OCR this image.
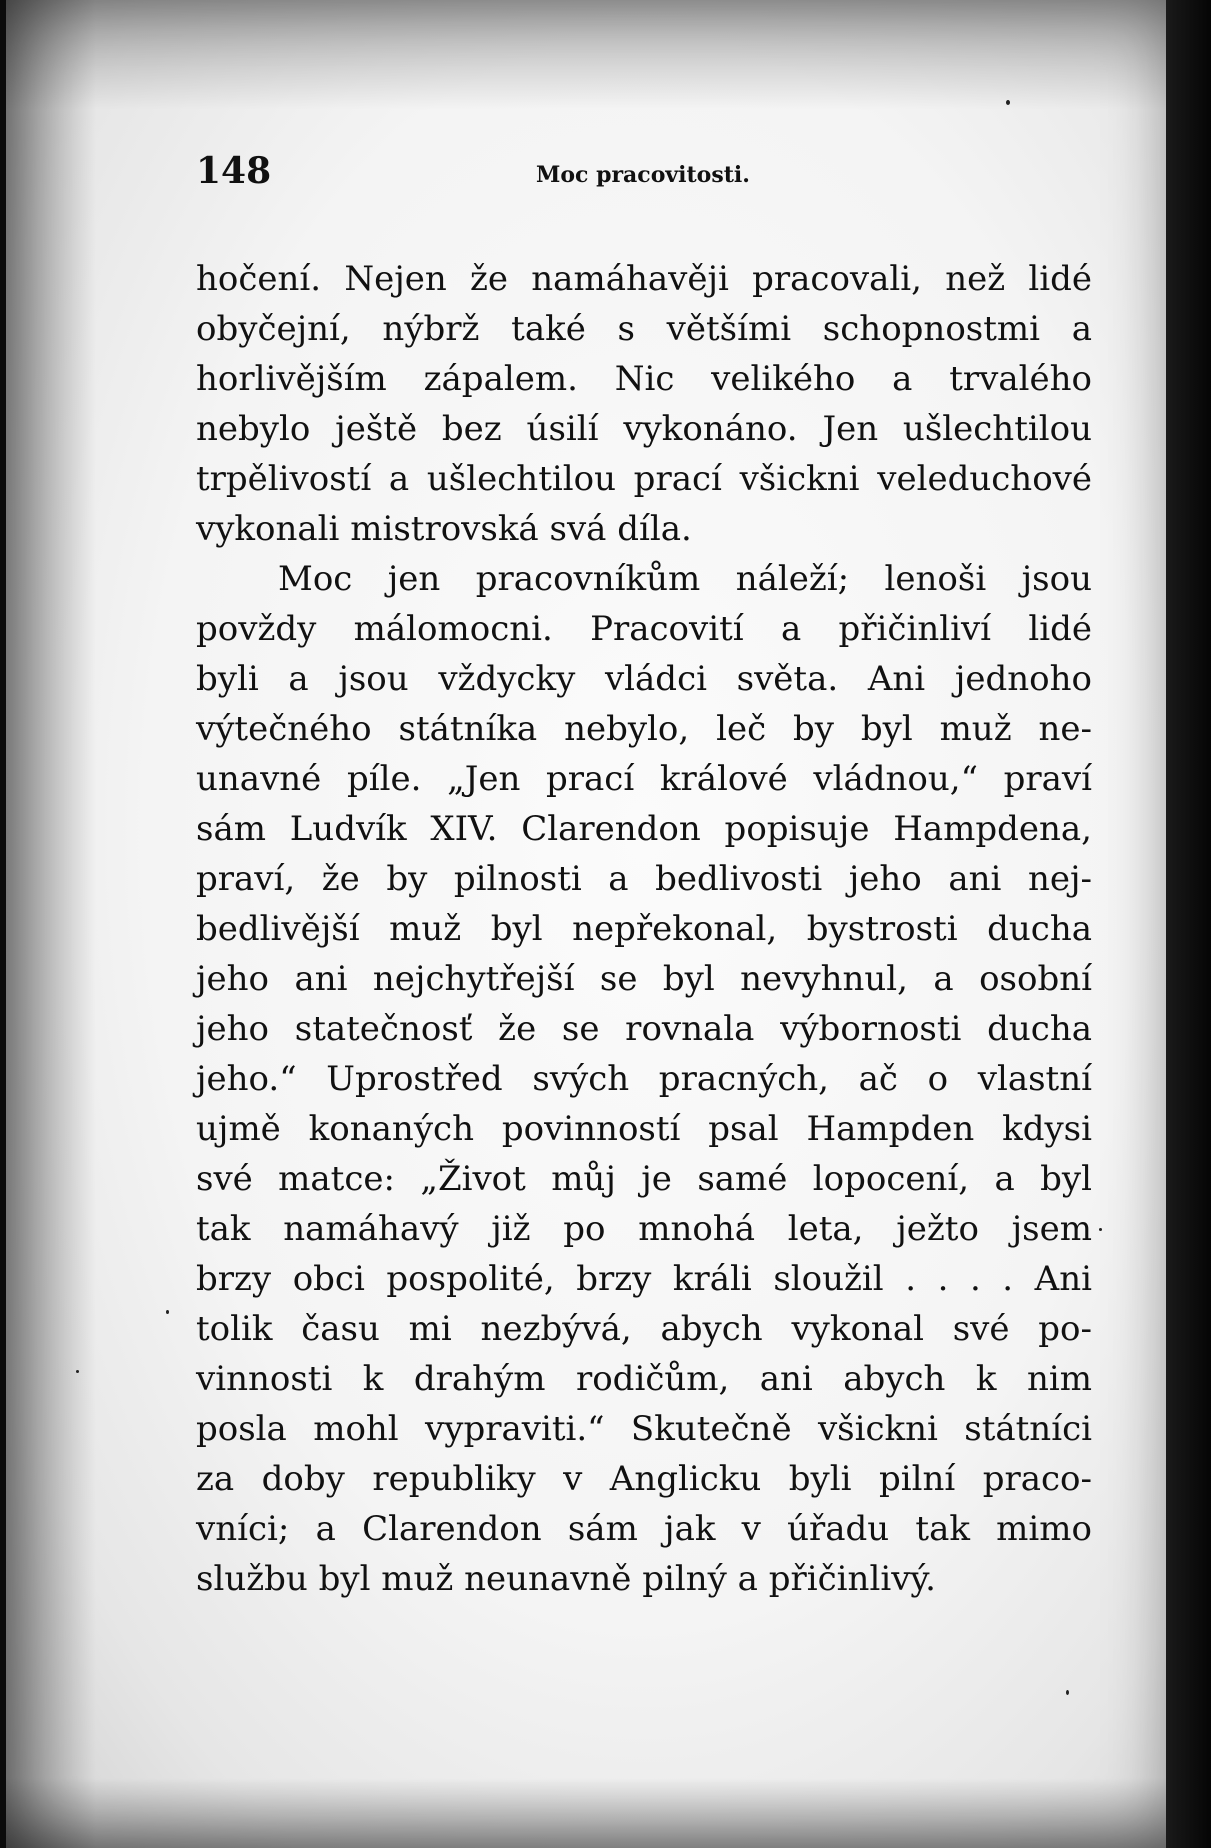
148	Moc pracovitosti.
hočení. Nejen že namáhavěji pracovali, než lidé
obyčejní, nýbrž také s většími schopnostmi a
horlivějším zápalem. Nic velikého a trvalého
nebylo ještě bez úsilí vykonáno. Jen ušlechtilou
trpělivostí a ušlechtilou prací všickni veleduchové
vykonali mistrovská svá díla.
Moc jen pracovníkům náleží; lenoši jsou
povždy málomocni. Pracovití a přičinliví lidé
byli a jsou vždycky vládci světa. Ani jednoho
výtečného státníka nebylo, leč by byl muž ne-
unavné píle. „Jen prací králové vládnou,“ praví
sám Ludvík XIV. Clarendon popisuje Hampdena,
praví, že by pilnosti a bedlivosti jeho ani nej-
bedlivější muž byl nepřekonal, bystrosti ducha
jeho ani nejchytřejší se byl nevyhnul, a osobní
jeho statečnosť že se rovnala výbornosti ducha
jeho.“ Uprostřed svých pracných, ač o vlastní
ujmě konaných povinností psal Hampden kdysi
své matce: „Život můj je samé lopocení, a byl
tak namáhavý již po mnohá leta, ježto jsem
brzy obci pospolité, brzy králi sloužil . . . . Ani
tolik času mi nezbývá, abych vykonal své po-
vinnosti k drahým rodičům, ani abych k nim
posla mohl vypraviti.“ Skutečně všickni státníci
za doby republiky v Anglicku byli pilní praco-
vníci; a Clarendon sám jak v úřadu tak mimo
službu byl muž neunavně pilný a přičinlivý.
